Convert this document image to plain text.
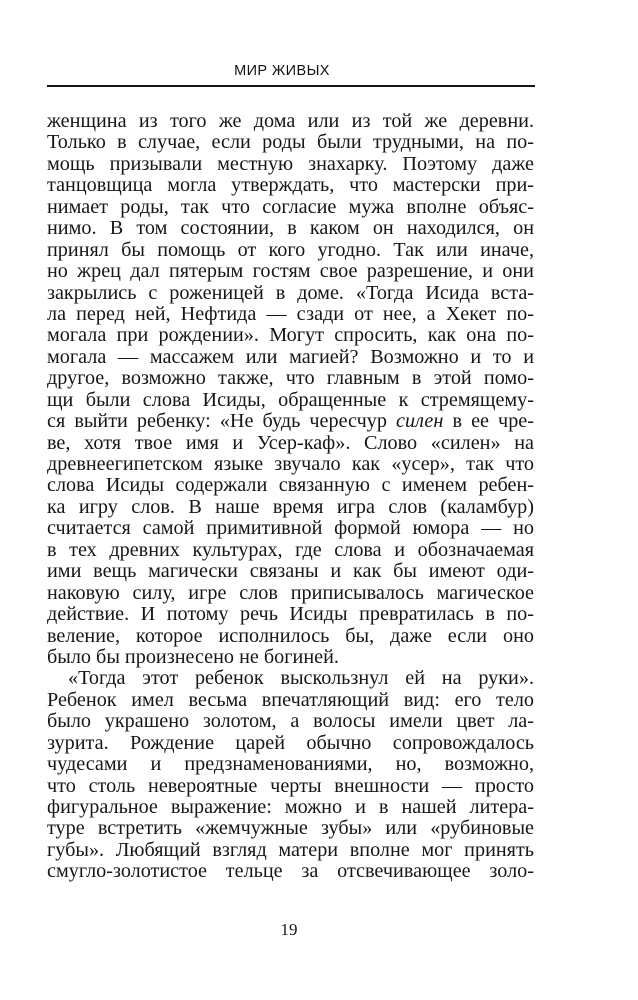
МИР ЖИВЫХ
женщина из того же дома или из той же деревни.
Только в случае, если роды были трудными, на по-
мощь призывали местную знахарку. Поэтому даже
танцовщица могла утверждать, что мастерски при-
нимает роды, так что согласие мужа вполне объяс-
нимо. В том состоянии, в каком он находился, он
принял бы помощь от кого угодно. Так или иначе,
но жрец дал пятерым гостям свое разрешение, и они
закрылись с роженицей в доме. «Тогда Исида вста-
ла перед ней, Нефтида — сзади от нее, а Хекет по-
могала при рождении». Могут спросить, как она по-
могала — массажем или магией? Возможно и то и
другое, возможно также, что главным в этой помо-
щи были слова Исиды, обращенные к стремящему-
ся выйти ребенку: «Не будь чересчур силен в ее чре-
ве, хотя твое имя и Усер-каф». Слово «силен» на
древнеегипетском языке звучало как «усер», так что
слова Исиды содержали связанную с именем ребен-
ка игру слов. В наше время игра слов (каламбур)
считается самой примитивной формой юмора — но
в тех древних культурах, где слова и обозначаемая
ими вещь магически связаны и как бы имеют оди-
наковую силу, игре слов приписывалось магическое
действие. И потому речь Исиды превратилась в по-
веление, которое исполнилось бы, даже если оно
было бы произнесено не богиней.
«Тогда этот ребенок выскользнул ей на руки».
Ребенок имел весьма впечатляющий вид: его тело
было украшено золотом, а волосы имели цвет ла-
зурита. Рождение царей обычно сопровождалось
чудесами и предзнаменованиями, но, возможно,
что столь невероятные черты внешности — просто
фигуральное выражение: можно и в нашей литера-
туре встретить «жемчужные зубы» или «рубиновые
губы». Любящий взгляд матери вполне мог принять
смугло-золотистое тельце за отсвечивающее золо-
19
